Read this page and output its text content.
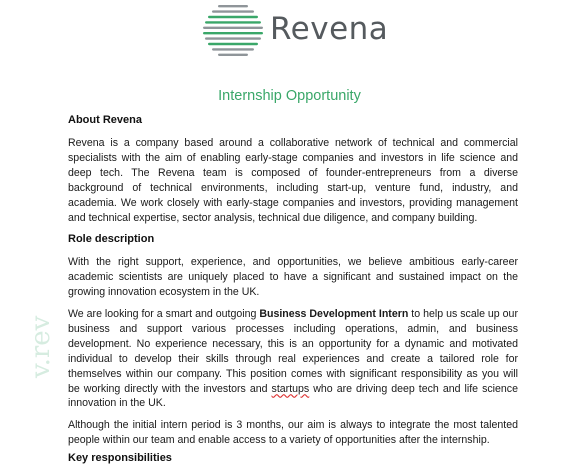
Revena
Internship Opportunity
About Revena
Revena is a company based around a collaborative network of technical and commercial
specialists with the aim of enabling early-stage companies and investors in life science and
deep tech. The Revena team is composed of founder-entrepreneurs from a diverse
background of technical environments, including start-up, venture fund, industry, and
academia. We work closely with early-stage companies and investors, providing management
and technical expertise, sector analysis, technical due diligence, and company building.
Role description
With the right support, experience, and opportunities, we believe ambitious early-career
academic scientists are uniquely placed to have a significant and sustained impact on the
growing innovation ecosystem in the UK.
We are looking for a smart and outgoing Business Development Intern to help us scale up our
business and support various processes including operations, admin, and business
development. No experience necessary, this is an opportunity for a dynamic and motivated
individual to develop their skills through real experiences and create a tailored role for
themselves within our company. This position comes with significant responsibility as you will
be working directly with the investors and startups who are driving deep tech and life science
innovation in the UK.
Although the initial intern period is 3 months, our aim is always to integrate the most talented
people within our team and enable access to a variety of opportunities after the internship.
Key responsibilities
v.rev
